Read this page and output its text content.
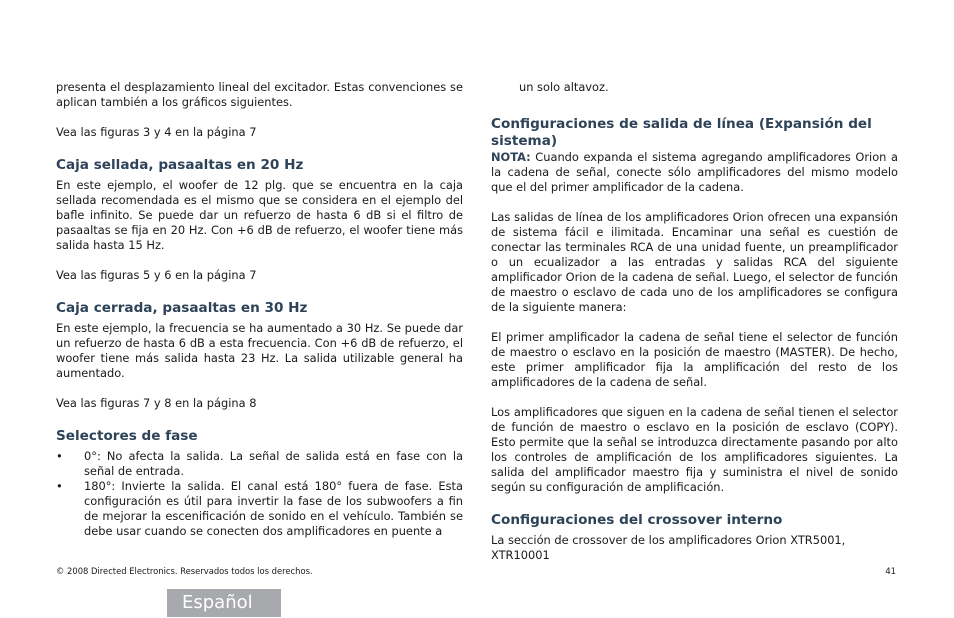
presenta el desplazamiento lineal del excitador. Estas convenciones se aplican también a los gráficos siguientes.

Vea las figuras 3 y 4 en la página 7

Caja sellada, pasaaltas en 20 Hz

En este ejemplo, el woofer de 12 plg. que se encuentra en la caja sellada recomendada es el mismo que se considera en el ejemplo del bafle infinito. Se puede dar un refuerzo de hasta 6 dB si el filtro de pasaaltas se fija en 20 Hz. Con +6 dB de refuerzo, el woofer tiene más salida hasta 15 Hz.

Vea las figuras 5 y 6 en la página 7

Caja cerrada, pasaaltas en 30 Hz

En este ejemplo, la frecuencia se ha aumentado a 30 Hz. Se puede dar un refuerzo de hasta 6 dB a esta frecuencia. Con +6 dB de refuerzo, el woofer tiene más salida hasta 23 Hz. La salida utilizable general ha aumentado.

Vea las figuras 7 y 8 en la página 8

Selectores de fase
• 0°: No afecta la salida. La señal de salida está en fase con la señal de entrada.
• 180°: Invierte la salida. El canal está 180° fuera de fase. Esta configuración es útil para invertir la fase de los subwoofers a fin de mejorar la escenificación de sonido en el vehículo. También se debe usar cuando se conecten dos amplificadores en puente a

un solo altavoz.

Configuraciones de salida de línea (Expansión del sistema)

NOTA: Cuando expanda el sistema agregando amplificadores Orion a la cadena de señal, conecte sólo amplificadores del mismo modelo que el del primer amplificador de la cadena.

Las salidas de línea de los amplificadores Orion ofrecen una expansión de sistema fácil e ilimitada. Encaminar una señal es cuestión de conectar las terminales RCA de una unidad fuente, un preamplificador o un ecualizador a las entradas y salidas RCA del siguiente amplificador Orion de la cadena de señal. Luego, el selector de función de maestro o esclavo de cada uno de los amplificadores se configura de la siguiente manera:

El primer amplificador la cadena de señal tiene el selector de función de maestro o esclavo en la posición de maestro (MASTER). De hecho, este primer amplificador fija la amplificación del resto de los amplificadores de la cadena de señal.

Los amplificadores que siguen en la cadena de señal tienen el selector de función de maestro o esclavo en la posición de esclavo (COPY). Esto permite que la señal se introduzca directamente pasando por alto los controles de amplificación de los amplificadores siguientes. La salida del amplificador maestro fija y suministra el nivel de sonido según su configuración de amplificación.

Configuraciones del crossover interno

La sección de crossover de los amplificadores Orion XTR5001, XTR10001

© 2008 Directed Electronics. Reservados todos los derechos.	41
Español
